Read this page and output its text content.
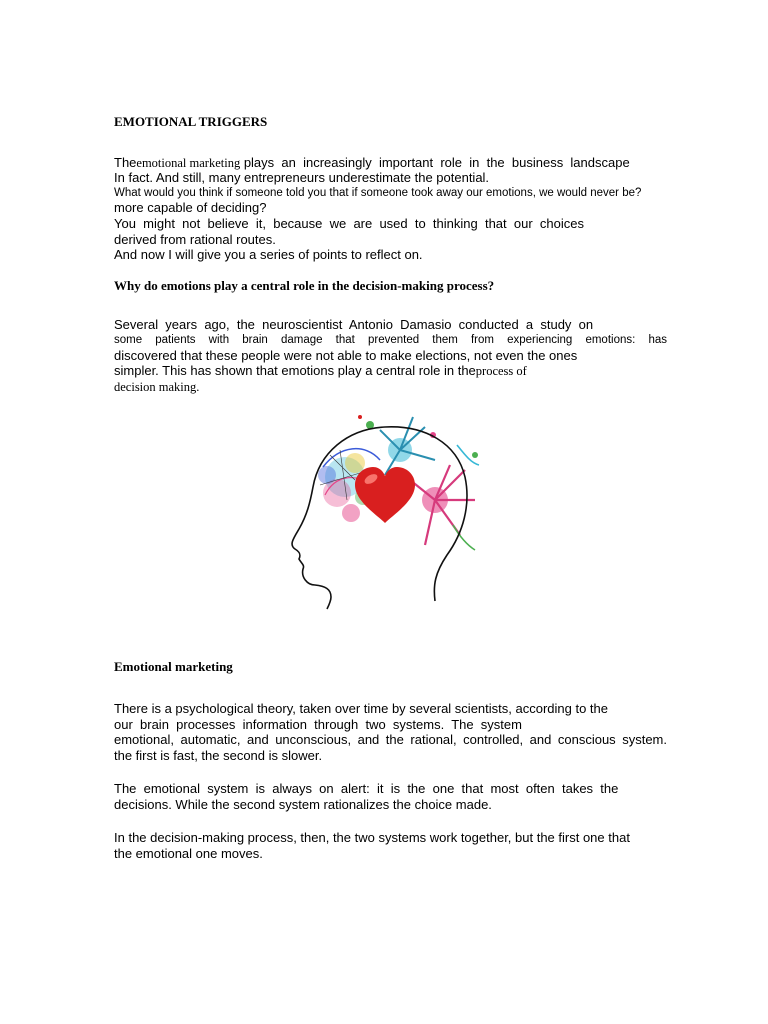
EMOTIONAL TRIGGERS
Theemotional marketing plays  an  increasingly  important  role  in  the  business  landscape
In fact. And still, many entrepreneurs underestimate the potential.
What would you think if someone told you that if someone took away our emotions, we would never be?
more capable of deciding?
You  might  not  believe  it,  because  we  are  used  to  thinking  that  our  choices
derived from rational routes.
And now I will give you a series of points to reflect on.
Why do emotions play a central role in the decision-making process?
Several  years  ago,  the  neuroscientist  Antonio  Damasio  conducted  a  study  on
some patients with brain damage that prevented them from experiencing emotions: has
discovered that these people were not able to make elections, not even the ones
simpler. This has shown that emotions play a central role in theprocess of
decision making.
Emotional marketing
There is a psychological theory, taken over time by several scientists, according to the
our  brain  processes  information  through  two  systems.  The  system
emotional, automatic, and unconscious, and the rational, controlled, and conscious system.
the first is fast, the second is slower.
The  emotional  system  is  always  on  alert:  it  is  the  one  that  most  often  takes  the
decisions. While the second system rationalizes the choice made.
In the decision-making process, then, the two systems work together, but the first one that
the emotional one moves.
